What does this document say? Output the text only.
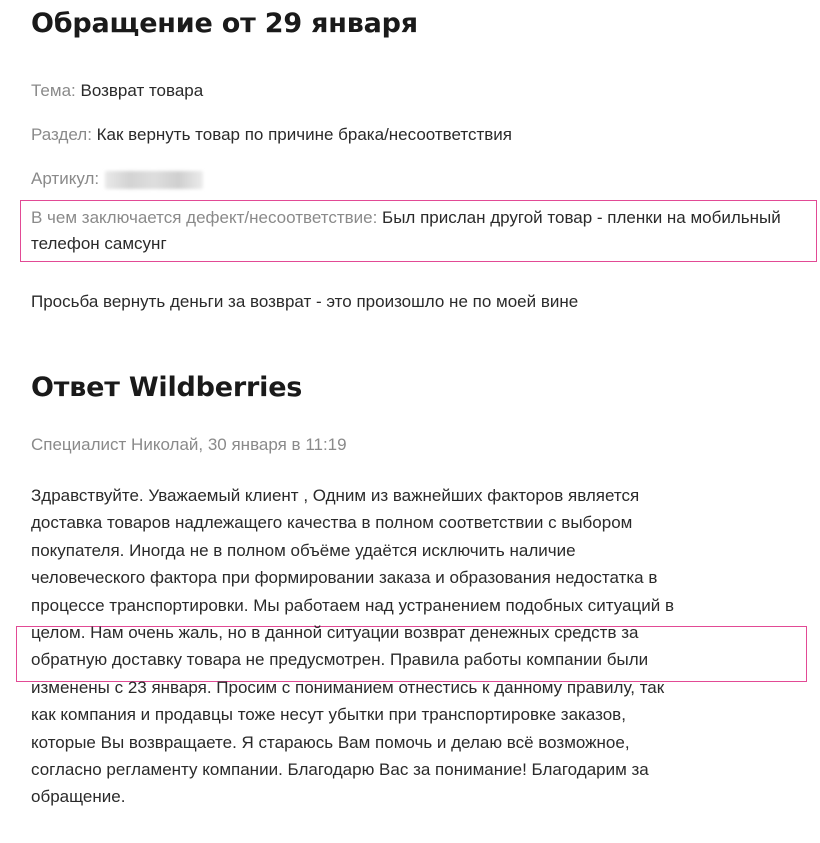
Обращение от 29 января
Тема: Возврат товара
Раздел: Как вернуть товар по причине брака/несоответствия
Артикул:
В чем заключается дефект/несоответствие: Был прислан другой товар - пленки на мобильный телефон самсунг
Просьба вернуть деньги за возврат - это произошло не по моей вине
Ответ Wildberries
Специалист Николай, 30 января в 11:19
Здравствуйте. Уважаемый клиент , Одним из важнейших факторов является
доставка товаров надлежащего качества в полном соответствии с выбором
покупателя. Иногда не в полном объёме удаётся исключить наличие
человеческого фактора при формировании заказа и образования недостатка в
процессе транспортировки. Мы работаем над устранением подобных ситуаций в
целом. Нам очень жаль, но в данной ситуации возврат денежных средств за
обратную доставку товара не предусмотрен. Правила работы компании были
изменены с 23 января. Просим с пониманием отнестись к данному правилу, так
как компания и продавцы тоже несут убытки при транспортировке заказов,
которые Вы возвращаете. Я стараюсь Вам помочь и делаю всё возможное,
согласно регламенту компании. Благодарю Вас за понимание! Благодарим за
обращение.
